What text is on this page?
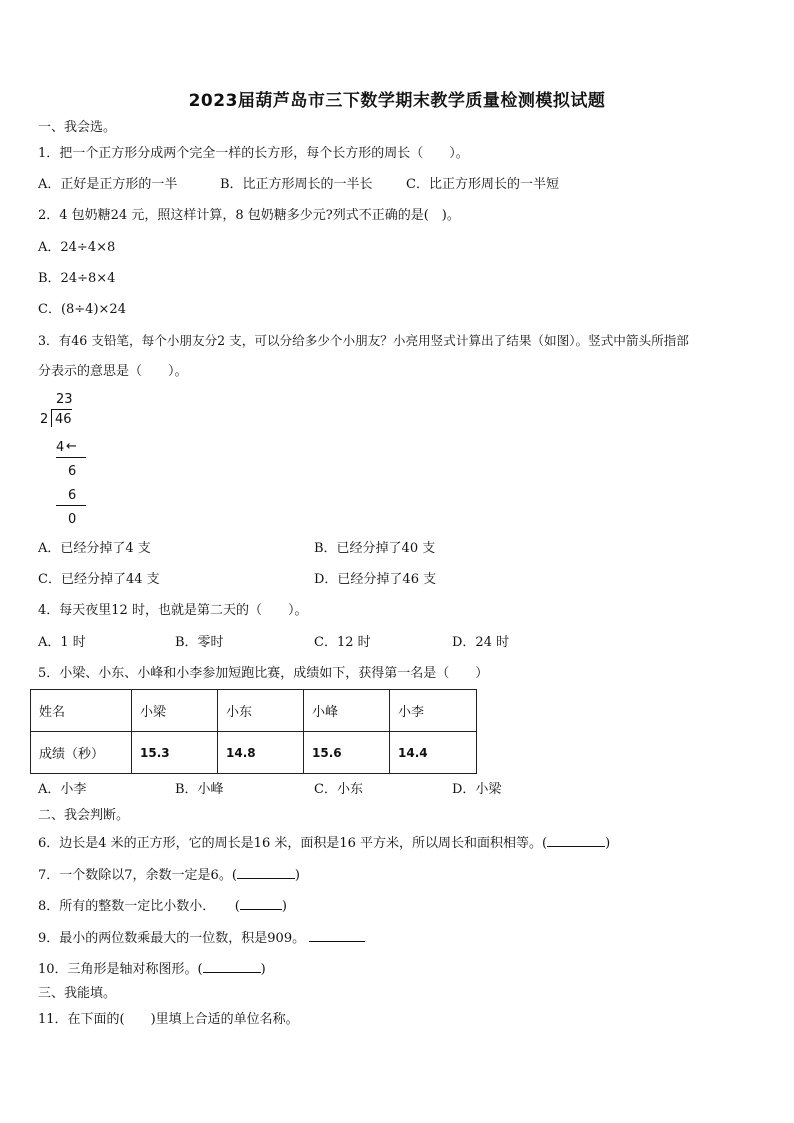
2023届葫芦岛市三下数学期末教学质量检测模拟试题
一、我会选。
1．把一个正方形分成两个完全一样的长方形，每个长方形的周长（　　）。
A．正好是正方形的一半	B．比正方形周长的一半长	C．比正方形周长的一半短
2．4 包奶糖24 元，照这样计算，8 包奶糖多少元?列式不正确的是(　)。
A．24÷4×8
B．24÷8×4
C．(8÷4)×24
3．有46 支铅笔，每个小朋友分2 支，可以分给多少个小朋友？小亮用竖式计算出了结果（如图）。竖式中箭头所指部
分表示的意思是（　　）。
23
2 46
4 ←
6
6
0
A．已经分掉了4 支	B．已经分掉了40 支
C．已经分掉了44 支	D．已经分掉了46 支
4．每天夜里12 时，也就是第二天的（　　）。
A．1 时	B．零时	C．12 时	D．24 时
5．小梁、小东、小峰和小李参加短跑比赛，成绩如下，获得第一名是（　　）
姓名	小梁	小东	小峰	小李
成绩（秒）	15.3	14.8	15.6	14.4
A．小李	B．小峰	C．小东	D．小梁
二、我会判断。
6．边长是4 米的正方形，它的周长是16 米，面积是16 平方米，所以周长和面积相等。(	)
7．一个数除以7，余数一定是6。(	)
8．所有的整数一定比小数小．　　(	)
9．最小的两位数乘最大的一位数，积是909。
10．三角形是轴对称图形。(	)
三、我能填。
11．在下面的(　　)里填上合适的单位名称。
